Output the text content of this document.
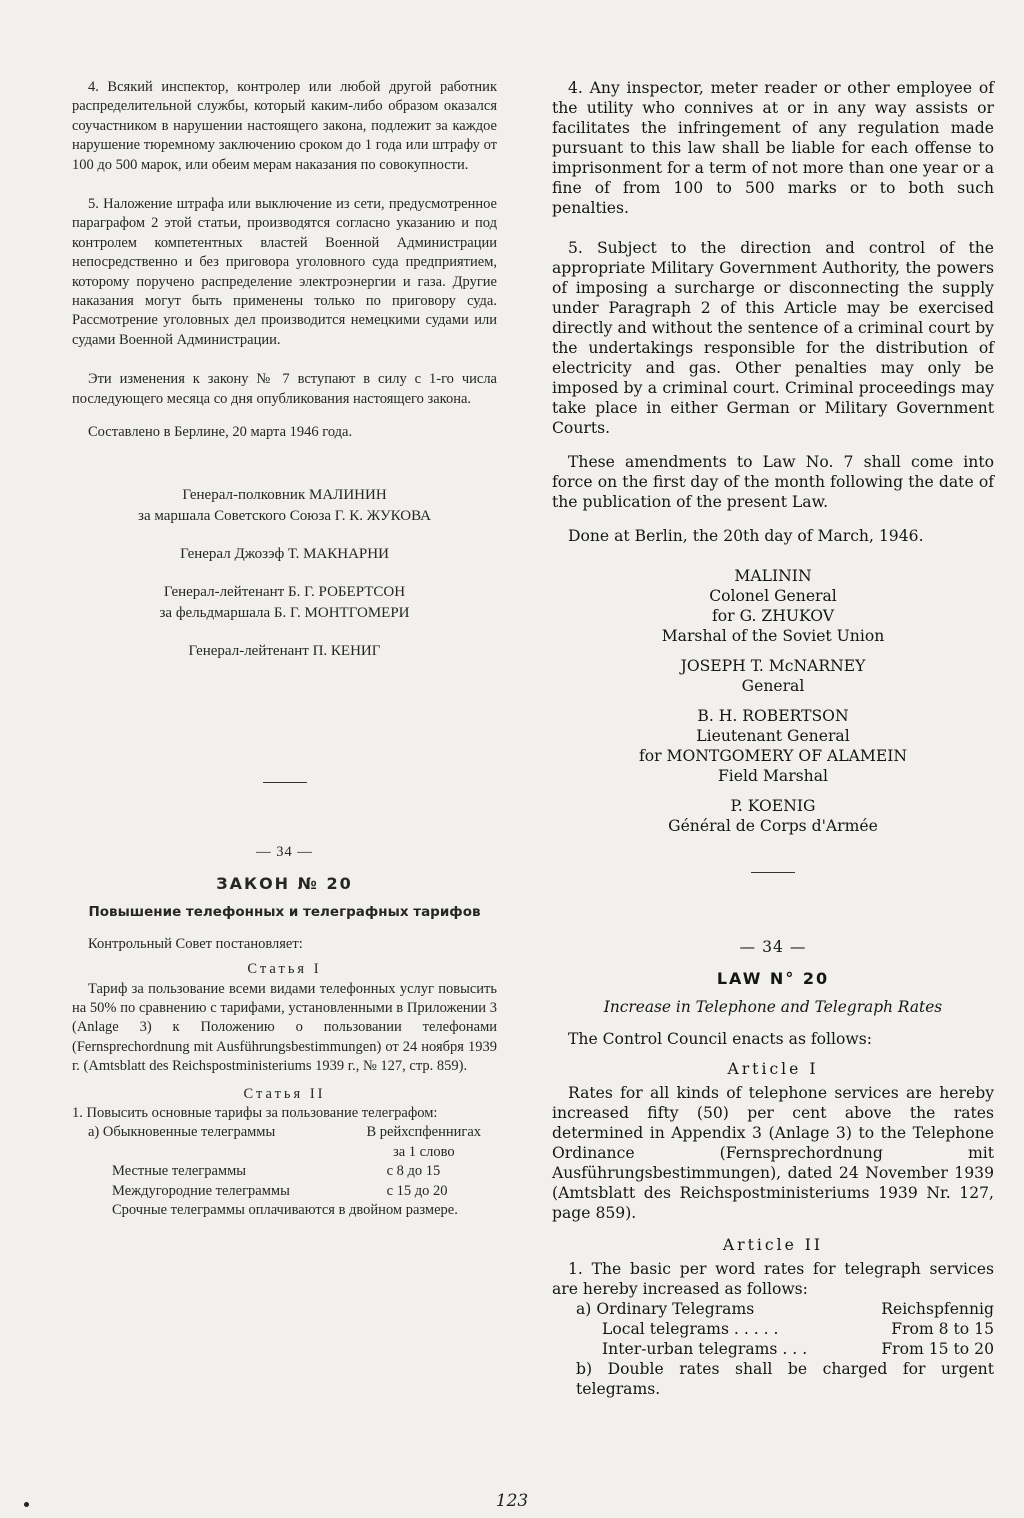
4. Всякий инспектор, контролер или любой другой работник распределительной службы, который каким-либо образом оказался соучастником в нарушении настоящего закона, подлежит за каждое нарушение тюремному заключению сроком до 1 года или штрафу от 100 до 500 марок, или обеим мерам наказания по совокупности.

5. Наложение штрафа или выключение из сети, предусмотренное параграфом 2 этой статьи, производятся согласно указанию и под контролем компетентных властей Военной Администрации непосредственно и без приговора уголовного суда предприятием, которому поручено распределение электроэнергии и газа. Другие наказания могут быть применены только по приговору суда. Рассмотрение уголовных дел производится немецкими судами или судами Военной Администрации.

Эти изменения к закону № 7 вступают в силу с 1-го числа последующего месяца со дня опубликования настоящего закона.

Составлено в Берлине, 20 марта 1946 года.

Генерал-полковник МАЛИНИН
за маршала Советского Союза Г. К. ЖУКОВА
Генерал Джозэф Т. МАКНАРНИ
Генерал-лейтенант Б. Г. РОБЕРТСОН
за фельдмаршала Б. Г. МОНТГОМЕРИ
Генерал-лейтенант П. КЕНИГ
— 34 —
ЗАКОН № 20
Повышение телефонных и телеграфных тарифов

Контрольный Совет постановляет:

Статья I

Тариф за пользование всеми видами телефонных услуг повысить на 50% по сравнению с тарифами, установленными в Приложении 3 (Anlage 3) к Положению о пользовании телефонами (Fernsprechordnung mit Ausführungsbestimmungen) от 24 ноября 1939 г. (Amtsblatt des Reichspostministeriums 1939 г., № 127, стр. 859).

Статья II

1. Повысить основные тарифы за пользование телеграфом:

а) Обыкновенные телеграммы	В рейхспфеннигах
	за 1 слово
Местные телеграммы	с 8 до 15
Междугородние телеграммы	с 15 до 20

Срочные телеграммы оплачиваются в двойном размере.

4. Any inspector, meter reader or other employee of the utility who connives at or in any way assists or facilitates the infringement of any regulation made pursuant to this law shall be liable for each offense to imprisonment for a term of not more than one year or a fine of from 100 to 500 marks or to both such penalties.

5. Subject to the direction and control of the appropriate Military Government Authority, the powers of imposing a surcharge or disconnecting the supply under Paragraph 2 of this Article may be exercised directly and without the sentence of a criminal court by the undertakings responsible for the distribution of electricity and gas. Other penalties may only be imposed by a criminal court. Criminal proceedings may take place in either German or Military Government Courts.

These amendments to Law No. 7 shall come into force on the first day of the month following the date of the publication of the present Law.

Done at Berlin, the 20th day of March, 1946.

MALININ
Colonel General
for G. ZHUKOV
Marshal of the Soviet Union
JOSEPH T. McNARNEY
General
B. H. ROBERTSON
Lieutenant General
for MONTGOMERY OF ALAMEIN
Field Marshal
P. KOENIG
Général de Corps d'Armée
— 34 —
LAW N° 20
Increase in Telephone and Telegraph Rates

The Control Council enacts as follows:

Article I

Rates for all kinds of telephone services are hereby increased fifty (50) per cent above the rates determined in Appendix 3 (Anlage 3) to the Telephone Ordinance (Fernsprechordnung mit Ausführungsbestimmungen), dated 24 November 1939 (Amtsblatt des Reichspostministeriums 1939 Nr. 127, page 859).

Article II

1. The basic per word rates for telegraph services are hereby increased as follows:

a) Ordinary Telegrams	Reichspfennig
Local telegrams . . . . .	From 8 to 15
Inter-urban telegrams . . .	From 15 to 20

b) Double rates shall be charged for urgent telegrams.

123
